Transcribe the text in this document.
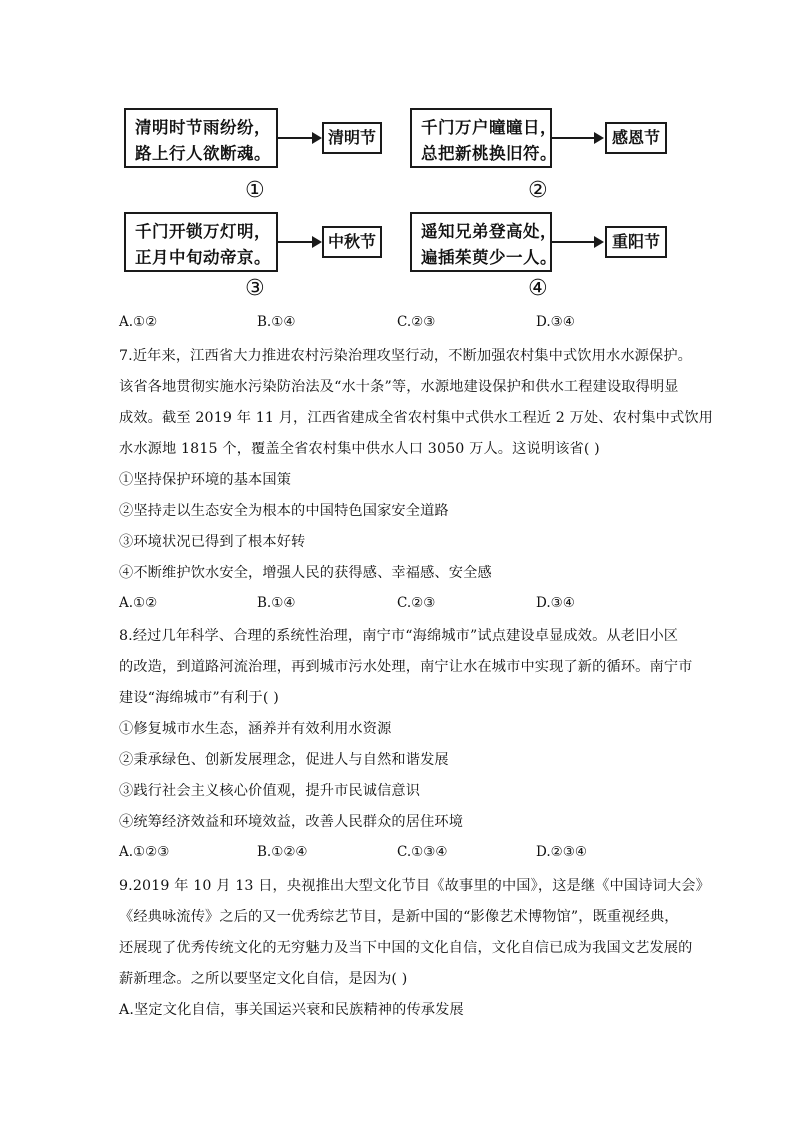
清明时节雨纷纷，
路上行人欲断魂。
清明节
①
千门万户曈曈日，
总把新桃换旧符。
感恩节
②
千门开锁万灯明，
正月中旬动帝京。
中秋节
③
遥知兄弟登高处，
遍插茱萸少一人。
重阳节
④
A.①②	B.①④	C.②③	D.③④
7.近年来，江西省大力推进农村污染治理攻坚行动，不断加强农村集中式饮用水水源保护。
该省各地贯彻实施水污染防治法及“水十条”等，水源地建设保护和供水工程建设取得明显
成效。截至 2019 年 11 月，江西省建成全省农村集中式供水工程近 2 万处、农村集中式饮用
水水源地 1815 个，覆盖全省农村集中供水人口 3050 万人。这说明该省( )
①坚持保护环境的基本国策
②坚持走以生态安全为根本的中国特色国家安全道路
③环境状况已得到了根本好转
④不断维护饮水安全，增强人民的获得感、幸福感、安全感
A.①②	B.①④	C.②③	D.③④
8.经过几年科学、合理的系统性治理，南宁市“海绵城市”试点建设卓显成效。从老旧小区
的改造，到道路河流治理，再到城市污水处理，南宁让水在城市中实现了新的循环。南宁市
建设“海绵城市”有利于( )
①修复城市水生态，涵养并有效利用水资源
②秉承绿色、创新发展理念，促进人与自然和谐发展
③践行社会主义核心价值观，提升市民诚信意识
④统筹经济效益和环境效益，改善人民群众的居住环境
A.①②③	B.①②④	C.①③④	D.②③④
9.2019 年 10 月 13 日，央视推出大型文化节目《故事里的中国》，这是继《中国诗词大会》
《经典咏流传》之后的又一优秀综艺节目，是新中国的“影像艺术博物馆”，既重视经典，
还展现了优秀传统文化的无穷魅力及当下中国的文化自信，文化自信已成为我国文艺发展的
薪新理念。之所以要坚定文化自信，是因为( )
A.坚定文化自信，事关国运兴衰和民族精神的传承发展
